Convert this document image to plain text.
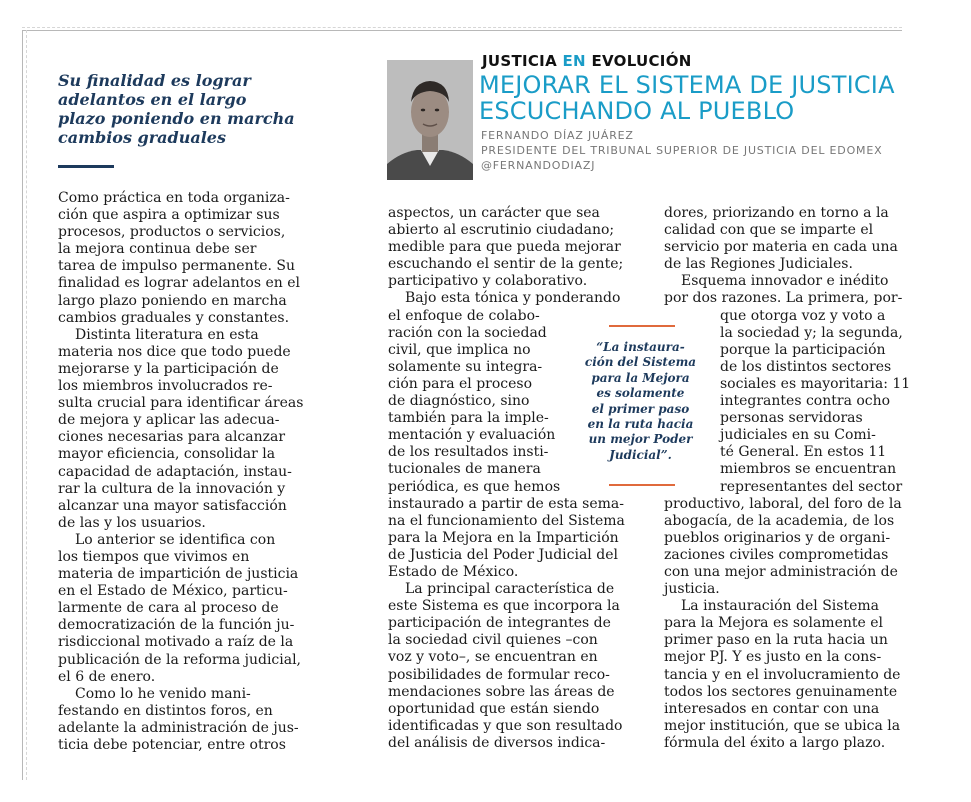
JUSTICIA EN EVOLUCIÓN
MEJORAR EL SISTEMA DE JUSTICIA
ESCUCHANDO AL PUEBLO
FERNANDO DÍAZ JUÁREZ
PRESIDENTE DEL TRIBUNAL SUPERIOR DE JUSTICIA DEL EDOMEX
@FERNANDODIAZJ
Su finalidad es lograr
adelantos en el largo
plazo poniendo en marcha
cambios graduales
Como práctica en toda organiza-
ción que aspira a optimizar sus
procesos, productos o servicios,
la mejora continua debe ser
tarea de impulso permanente. Su
finalidad es lograr adelantos en el
largo plazo poniendo en marcha
cambios graduales y constantes.
Distinta literatura en esta
materia nos dice que todo puede
mejorarse y la participación de
los miembros involucrados re-
sulta crucial para identificar áreas
de mejora y aplicar las adecua-
ciones necesarias para alcanzar
mayor eficiencia, consolidar la
capacidad de adaptación, instau-
rar la cultura de la innovación y
alcanzar una mayor satisfacción
de las y los usuarios.
Lo anterior se identifica con
los tiempos que vivimos en
materia de impartición de justicia
en el Estado de México, particu-
larmente de cara al proceso de
democratización de la función ju-
risdiccional motivado a raíz de la
publicación de la reforma judicial,
el 6 de enero.
Como lo he venido mani-
festando en distintos foros, en
adelante la administración de jus-
ticia debe potenciar, entre otros
aspectos, un carácter que sea
abierto al escrutinio ciudadano;
medible para que pueda mejorar
escuchando el sentir de la gente;
participativo y colaborativo.
Bajo esta tónica y ponderando
el enfoque de colabo-
ración con la sociedad
civil, que implica no
solamente su integra-
ción para el proceso
de diagnóstico, sino
también para la imple-
mentación y evaluación
de los resultados insti-
tucionales de manera
periódica, es que hemos
instaurado a partir de esta sema-
na el funcionamiento del Sistema
para la Mejora en la Impartición
de Justicia del Poder Judicial del
Estado de México.
La principal característica de
este Sistema es que incorpora la
participación de integrantes de
la sociedad civil quienes –con
voz y voto–, se encuentran en
posibilidades de formular reco-
mendaciones sobre las áreas de
oportunidad que están siendo
identificadas y que son resultado
del análisis de diversos indica-
dores, priorizando en torno a la
calidad con que se imparte el
servicio por materia en cada una
de las Regiones Judiciales.
Esquema innovador e inédito
por dos razones. La primera, por-
que otorga voz y voto a
la sociedad y; la segunda,
porque la participación
de los distintos sectores
sociales es mayoritaria: 11
integrantes contra ocho
personas servidoras
judiciales en su Comi-
té General. En estos 11
miembros se encuentran
representantes del sector
productivo, laboral, del foro de la
abogacía, de la academia, de los
pueblos originarios y de organi-
zaciones civiles comprometidas
con una mejor administración de
justicia.
La instauración del Sistema
para la Mejora es solamente el
primer paso en la ruta hacia un
mejor PJ. Y es justo en la cons-
tancia y en el involucramiento de
todos los sectores genuinamente
interesados en contar con una
mejor institución, que se ubica la
fórmula del éxito a largo plazo.
“La instaura-
ción del Sistema
para la Mejora
es solamente
el primer paso
en la ruta hacia
un mejor Poder
Judicial”.
